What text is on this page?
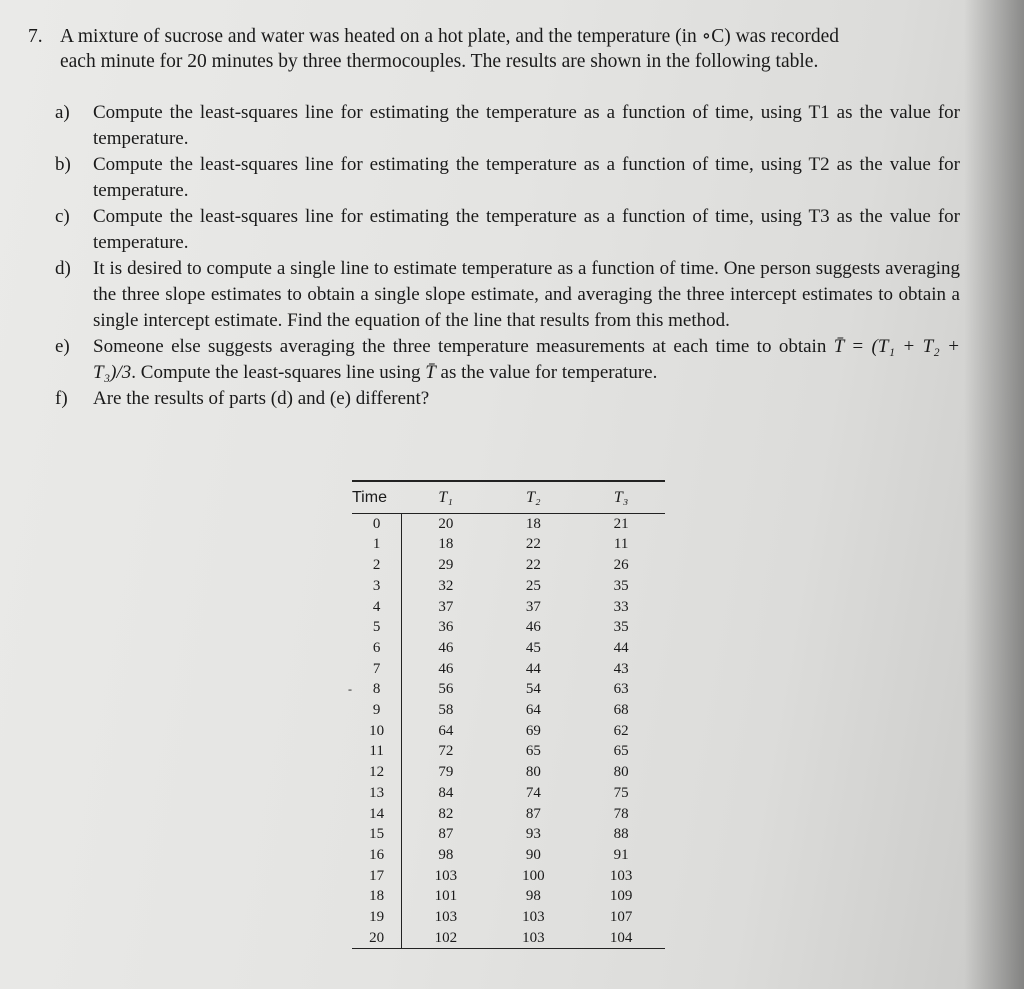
7. A mixture of sucrose and water was heated on a hot plate, and the temperature (in ∘C) was recorded
each minute for 20 minutes by three thermocouples. The results are shown in the following table.
a) Compute the least-squares line for estimating the temperature as a function of time, using T1 as the value for temperature.
b) Compute the least-squares line for estimating the temperature as a function of time, using T2 as the value for temperature.
c) Compute the least-squares line for estimating the temperature as a function of time, using T3 as the value for temperature.
d) It is desired to compute a single line to estimate temperature as a function of time. One person suggests averaging the three slope estimates to obtain a single slope estimate, and averaging the three intercept estimates to obtain a single intercept estimate. Find the equation of the line that results from this method.
e) Someone else suggests averaging the three temperature measurements at each time to obtain T̄ = (T₁ + T₂ + T₃)/3. Compute the least-squares line using T̄ as the value for temperature.
f) Are the results of parts (d) and (e) different?
-
Time	T₁	T₂	T₃
0	20	18	21
1	18	22	11
2	29	22	26
3	32	25	35
4	37	37	33
5	36	46	35
6	46	45	44
7	46	44	43
8	56	54	63
9	58	64	68
10	64	69	62
11	72	65	65
12	79	80	80
13	84	74	75
14	82	87	78
15	87	93	88
16	98	90	91
17	103	100	103
18	101	98	109
19	103	103	107
20	102	103	104
